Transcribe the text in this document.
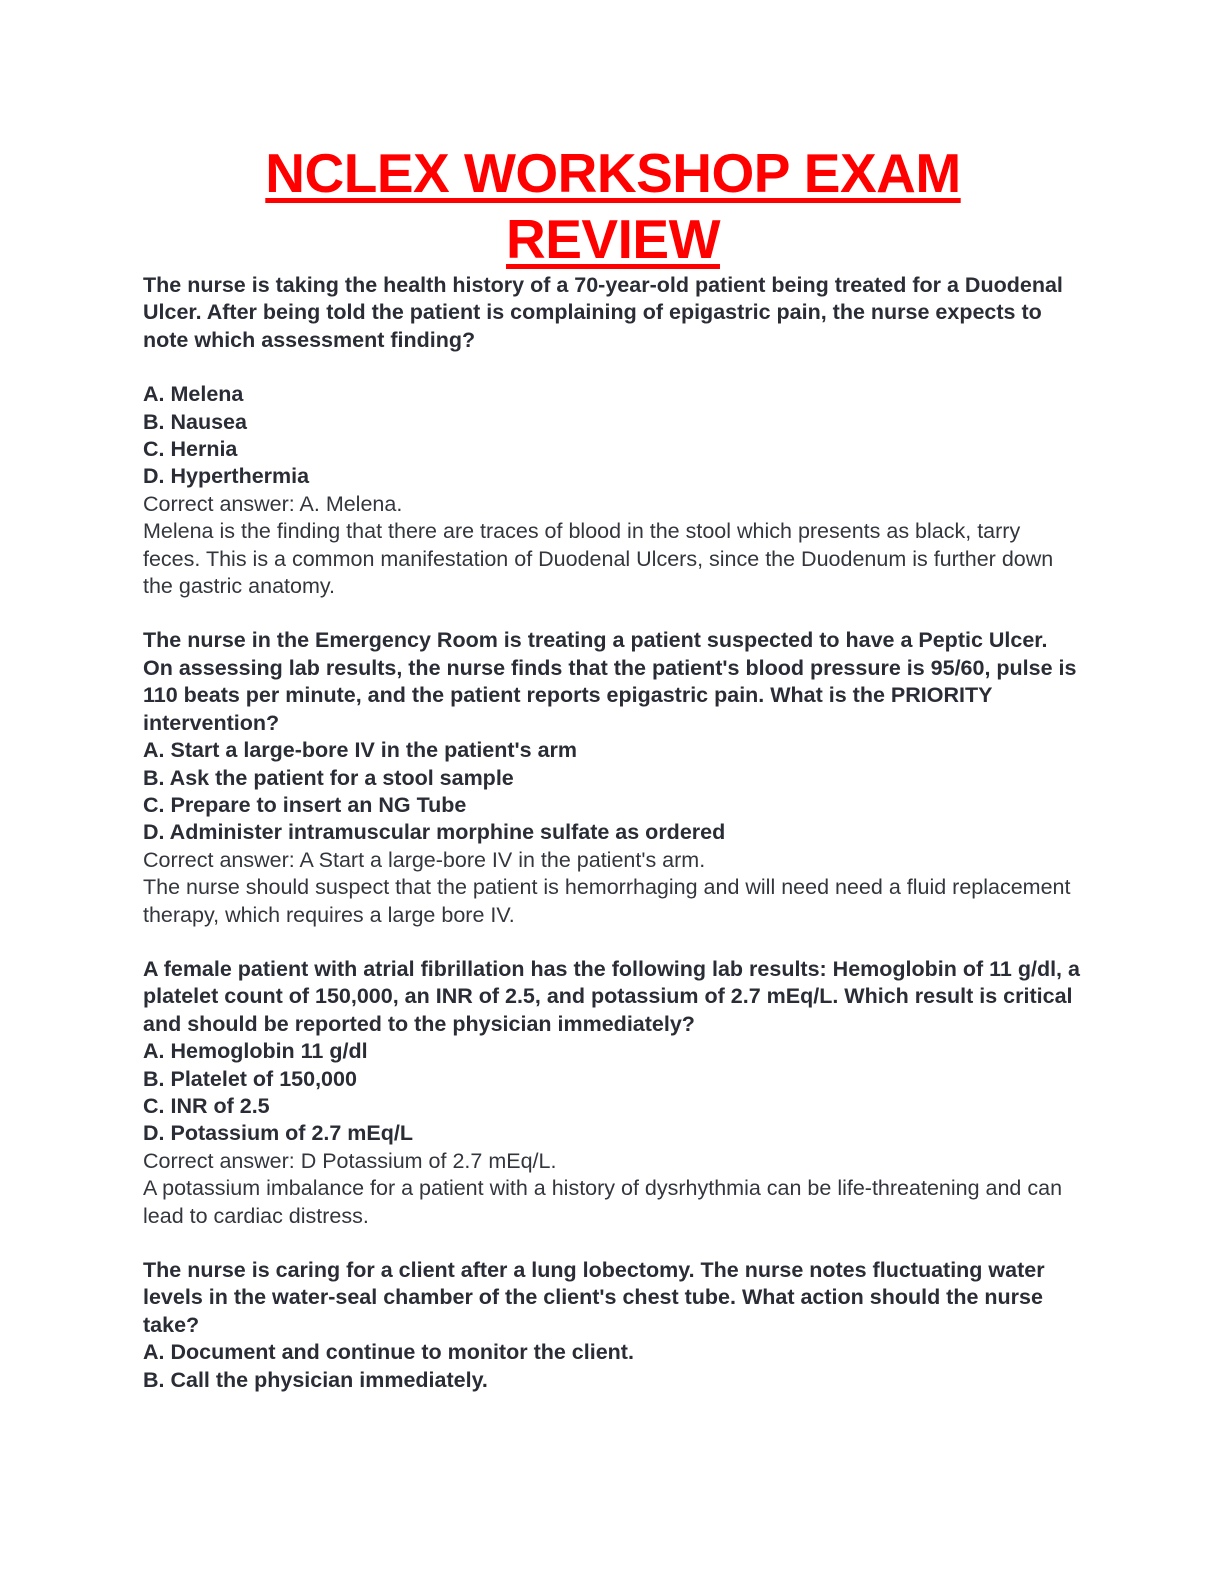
NCLEX WORKSHOP EXAM
REVIEW

The nurse is taking the health history of a 70-year-old patient being treated for a Duodenal Ulcer. After being told the patient is complaining of epigastric pain, the nurse expects to note which assessment finding?

A. Melena

B. Nausea

C. Hernia

D. Hyperthermia

Correct answer: A. Melena.

Melena is the finding that there are traces of blood in the stool which presents as black, tarry feces. This is a common manifestation of Duodenal Ulcers, since the Duodenum is further down the gastric anatomy.

The nurse in the Emergency Room is treating a patient suspected to have a Peptic Ulcer. On assessing lab results, the nurse finds that the patient's blood pressure is 95/60, pulse is 110 beats per minute, and the patient reports epigastric pain. What is the PRIORITY intervention?

A. Start a large-bore IV in the patient's arm

B. Ask the patient for a stool sample

C. Prepare to insert an NG Tube

D. Administer intramuscular morphine sulfate as ordered

Correct answer: A Start a large-bore IV in the patient's arm.

The nurse should suspect that the patient is hemorrhaging and will need need a fluid replacement therapy, which requires a large bore IV.

A female patient with atrial fibrillation has the following lab results: Hemoglobin of 11 g/dl, a platelet count of 150,000, an INR of 2.5, and potassium of 2.7 mEq/L. Which result is critical and should be reported to the physician immediately?

A. Hemoglobin 11 g/dl

B. Platelet of 150,000

C. INR of 2.5

D. Potassium of 2.7 mEq/L

Correct answer: D Potassium of 2.7 mEq/L.

A potassium imbalance for a patient with a history of dysrhythmia can be life-threatening and can lead to cardiac distress.

The nurse is caring for a client after a lung lobectomy. The nurse notes fluctuating water levels in the water-seal chamber of the client's chest tube. What action should the nurse take?

A. Document and continue to monitor the client.

B. Call the physician immediately.
